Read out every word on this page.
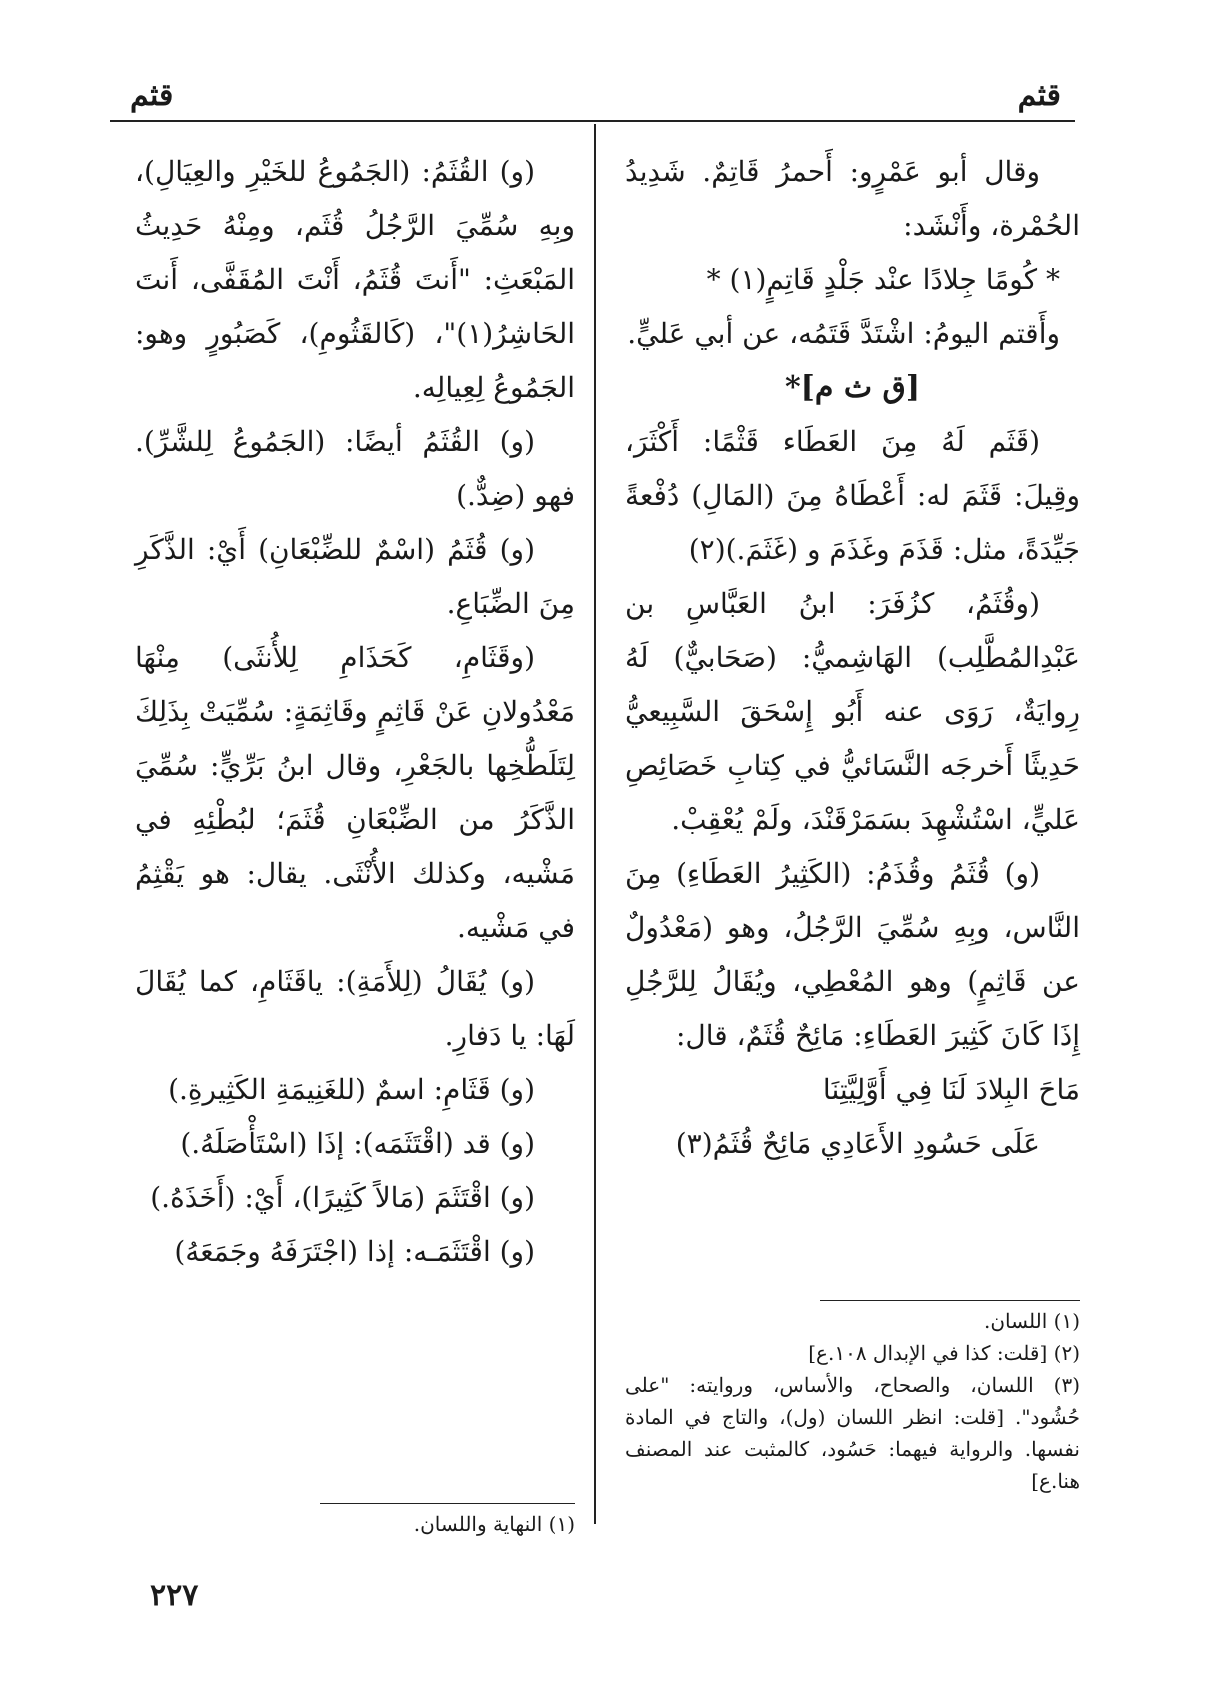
قثم
قثم

وقال أبو عَمْرٍو: أَحمرُ قَاتِمٌ. شَدِيدُ الحُمْرة، وأَنْشَد:

* كُومًا جِلادًا عنْد جَلْدٍ قَاتِمٍ(١) *

وأَقتم اليومُ: اشْتَدَّ قَتَمُه، عن أبي عَليٍّ.

[ق ث م]*

(قَثَم لَهُ مِنَ العَطَاء قَثْمًا: أَكْثَرَ، وقِيلَ: قَثَمَ له: أَعْطَاهُ مِنَ (المَالِ) دُفْعةً جَيِّدَةً، مثل: قَذَمَ وغَذَمَ و (غَثَمَ.)(٢)

(وقُثَمُ، كزُفَرَ: ابنُ العَبَّاسِ بن عَبْدِالمُطَّلِب) الهَاشِميُّ: (صَحَابيٌّ) لَهُ رِوايَةٌ، رَوَى عنه أَبُو إِسْحَقَ السَّبِيعيُّ حَدِيثًا أَخرجَه النَّسَائيُّ في كِتابِ خَصَائِصِ عَليٍّ، اسْتُشْهِدَ بسَمَرْقَنْدَ، ولَمْ يُعْقِبْ.

(و) قُثَمُ وقُذَمُ: (الكَثِيرُ العَطَاءِ) مِنَ النَّاس، وبِهِ سُمِّيَ الرَّجُلُ، وهو (مَعْدُولٌ عن قَاثِمٍ) وهو المُعْطِي، ويُقَالُ لِلرَّجُلِ إِذَا كَانَ كَثِيرَ العَطَاءِ: مَائِحٌ قُثَمٌ، قال:

مَاحَ البِلادَ لَنَا فِي أَوَّلِيَّتِنَا

عَلَى حَسُودِ الأَعَادِي مَائِحٌ قُثَمُ(٣)

(و) القُثَمُ: (الجَمُوعُ للخَيْرِ والعِيَالِ)، وبِهِ سُمِّيَ الرَّجُلُ قُثَم، ومِنْهُ حَدِيثُ المَبْعَثِ: "أَنتَ قُثَمُ، أَنْتَ المُقَفَّى، أَنتَ الحَاشِرُ(١)"، (كَالقَثُومِ)، كَصَبُورٍ وهو: الجَمُوعُ لِعِيالِه.

(و) القُثَمُ أيضًا: (الجَمُوعُ لِلشَّرِّ). فهو (ضِدٌّ.)

(و) قُثَمُ (اسْمٌ للضِّبْعَانِ) أَيْ: الذَّكَرِ مِنَ الضِّبَاعِ.

(وقَثَامِ، كَحَذَامِ لِلأُنثَى) مِنْهَا مَعْدُولانِ عَنْ قَاثِمٍ وقَاثِمَةٍ: سُمِّيَتْ بِذَلِكَ لِتَلَطُّخِها بالجَعْرِ، وقال ابنُ بَرِّيٍّ: سُمِّيَ الذَّكَرُ من الضِّبْعَانِ قُثَمَ؛ لبُطْئِهِ في مَشْيه، وكذلك الأُنْثَى. يقال: هو يَقْثِمُ في مَشْيه.

(و) يُقَالُ (لِلأَمَةِ): ياقَثَامِ، كما يُقَالَ لَهَا: يا دَفارِ.

(و) قَثَامِ: اسمٌ (للغَنِيمَةِ الكَثِيرةِ.)

(و) قد (اقْتَثَمَه): إذَا (اسْتَأْصَلَهُ.)

(و) اقْتَثَمَ (مَالاً كَثِيرًا)، أَيْ: (أَخَذَهُ.)

(و) اقْتَثَمَـه: إذا (اجْتَرَفَهُ وجَمَعَهُ)

(١) اللسان.

(٢) [قلت: كذا في الإبدال ١٠٨.ع]

(٣) اللسان، والصحاح، والأساس، وروايته: "على حُشُود". [قلت: انظر اللسان (ول)، والتاج في المادة نفسها. والرواية فيهما: حَسُود، كالمثبت عند المصنف هنا.ع]

(١) النهاية واللسان.

٢٢٧
